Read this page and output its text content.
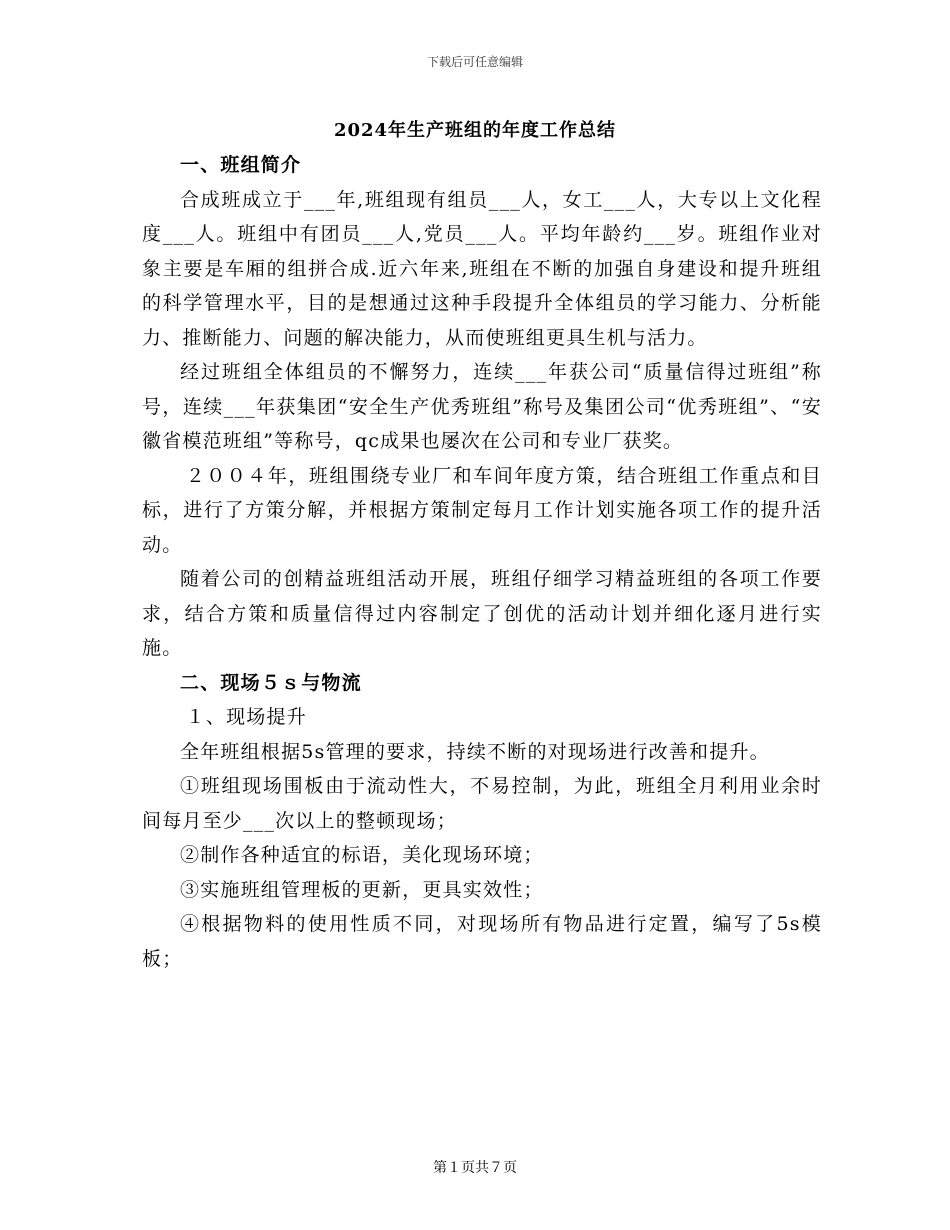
下载后可任意编辑
2024年生产班组的年度工作总结

一、班组简介

合成班成立于___年,班组现有组员___人，女工___人，大专以上文化程度___人。班组中有团员___人,党员___人。平均年龄约___岁。班组作业对象主要是车厢的组拼合成.近六年来,班组在不断的加强自身建设和提升班组的科学管理水平，目的是想通过这种手段提升全体组员的学习能力、分析能力、推断能力、问题的解决能力，从而使班组更具生机与活力。

经过班组全体组员的不懈努力，连续___年获公司“质量信得过班组”称号，连续___年获集团“安全生产优秀班组”称号及集团公司“优秀班组”、“安徽省模范班组”等称号，qc成果也屡次在公司和专业厂获奖。

２００４年，班组围绕专业厂和车间年度方策，结合班组工作重点和目标，进行了方策分解，并根据方策制定每月工作计划实施各项工作的提升活动。

随着公司的创精益班组活动开展，班组仔细学习精益班组的各项工作要求，结合方策和质量信得过内容制定了创优的活动计划并细化逐月进行实施。

二、现场５ｓ与物流

１、现场提升

全年班组根据5s管理的要求，持续不断的对现场进行改善和提升。

①班组现场围板由于流动性大，不易控制，为此，班组全月利用业余时间每月至少___次以上的整顿现场；

②制作各种适宜的标语，美化现场环境；

③实施班组管理板的更新，更具实效性；

④根据物料的使用性质不同，对现场所有物品进行定置，编写了5s模板；

第１页共７页
